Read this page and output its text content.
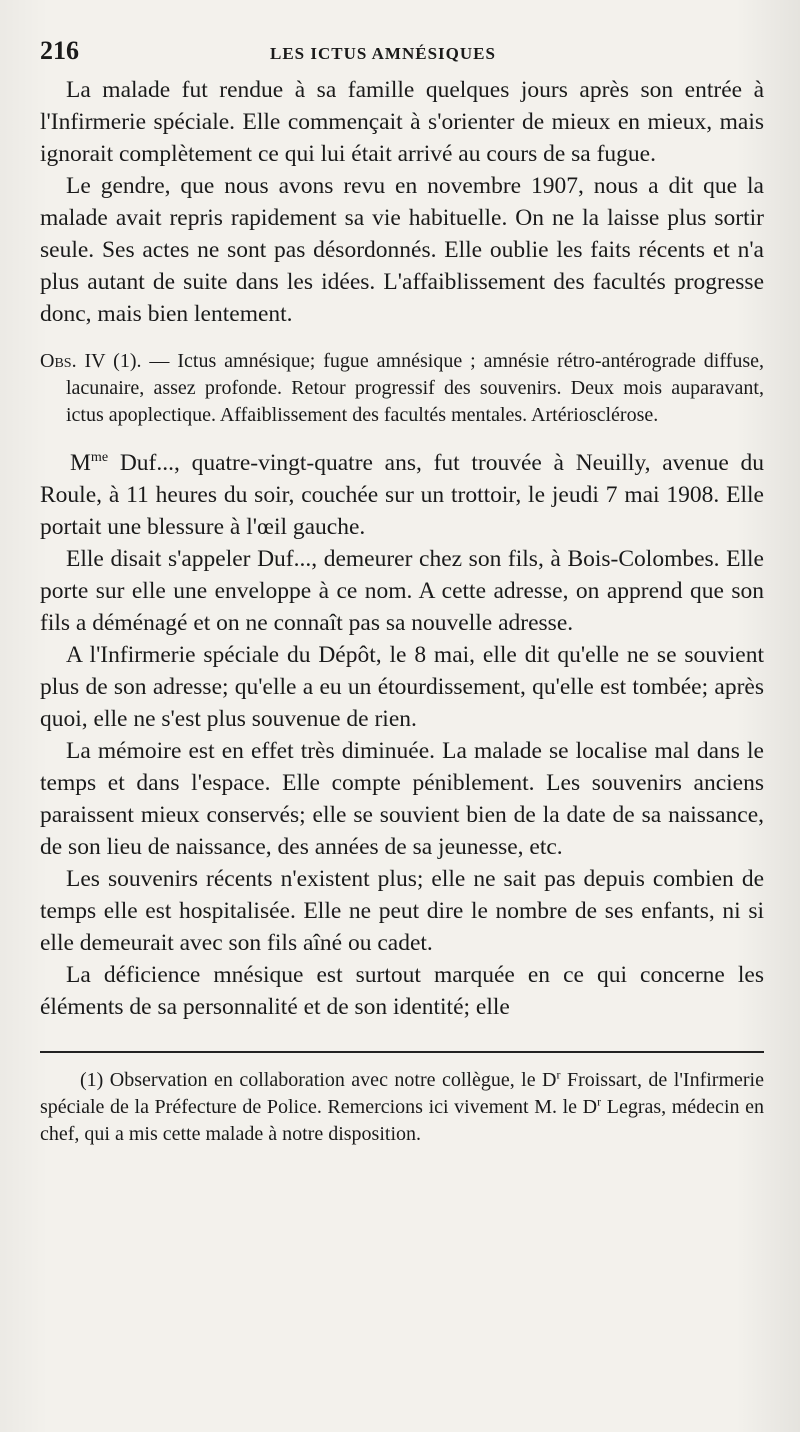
216	LES ICTUS AMNÉSIQUES

La malade fut rendue à sa famille quelques jours après son entrée à l'Infirmerie spéciale. Elle commençait à s'orienter de mieux en mieux, mais ignorait complètement ce qui lui était arrivé au cours de sa fugue.

Le gendre, que nous avons revu en novembre 1907, nous a dit que la malade avait repris rapidement sa vie habituelle. On ne la laisse plus sortir seule. Ses actes ne sont pas désordonnés. Elle oublie les faits récents et n'a plus autant de suite dans les idées. L'affaiblissement des facultés progresse donc, mais bien lentement.

Obs. IV (1). — Ictus amnésique; fugue amnésique ; amnésie rétro-antérograde diffuse, lacunaire, assez profonde. Retour progressif des souvenirs. Deux mois auparavant, ictus apoplectique. Affaiblissement des facultés mentales. Artériosclérose.

$M^{me}$ Duf..., quatre-vingt-quatre ans, fut trouvée à Neuilly, avenue du Roule, à 11 heures du soir, couchée sur un trottoir, le jeudi 7 mai 1908. Elle portait une blessure à l'œil gauche.

Elle disait s'appeler Duf..., demeurer chez son fils, à Bois-Colombes. Elle porte sur elle une enveloppe à ce nom. A cette adresse, on apprend que son fils a déménagé et on ne connaît pas sa nouvelle adresse.

A l'Infirmerie spéciale du Dépôt, le 8 mai, elle dit qu'elle ne se souvient plus de son adresse; qu'elle a eu un étourdissement, qu'elle est tombée; après quoi, elle ne s'est plus souvenue de rien.

La mémoire est en effet très diminuée. La malade se localise mal dans le temps et dans l'espace. Elle compte péniblement. Les souvenirs anciens paraissent mieux conservés; elle se souvient bien de la date de sa naissance, de son lieu de naissance, des années de sa jeunesse, etc.

Les souvenirs récents n'existent plus; elle ne sait pas depuis combien de temps elle est hospitalisée. Elle ne peut dire le nombre de ses enfants, ni si elle demeurait avec son fils aîné ou cadet.

La déficience mnésique est surtout marquée en ce qui concerne les éléments de sa personnalité et de son identité; elle

(1) Observation en collaboration avec notre collègue, le $D^r$ Froissart, de l'Infirmerie spéciale de la Préfecture de Police. Remercions ici vivement M. le $D^r$ Legras, médecin en chef, qui a mis cette malade à notre disposition.
